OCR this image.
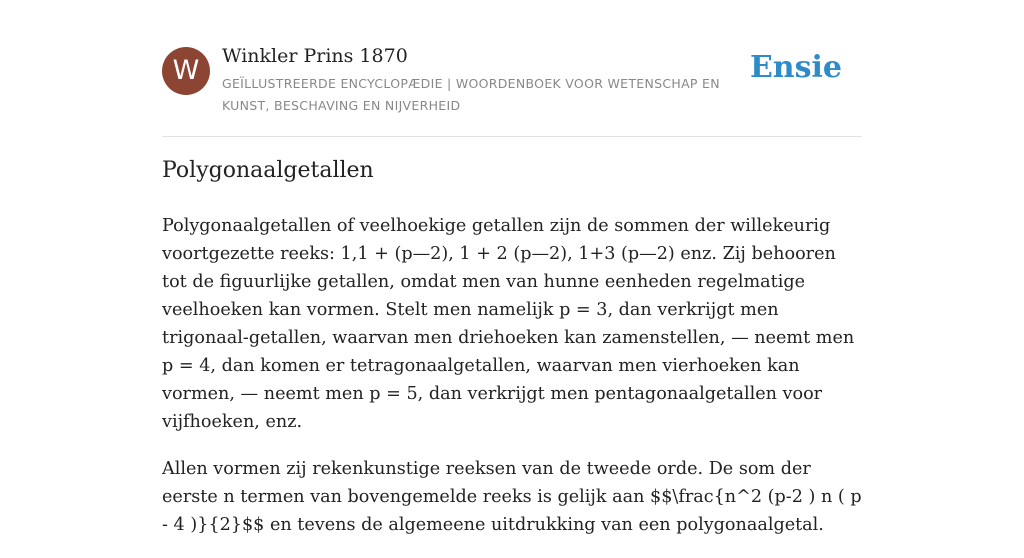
W	Winkler Prins 1870
GEÏLLUSTREERDE ENCYCLOPÆDIE | WOORDENBOEK VOOR WETENSCHAP EN KUNST, BESCHAVING EN NIJVERHEID
Ensie
Polygonaalgetallen

Polygonaalgetallen of veelhoekige getallen zijn de sommen der willekeurig voortgezette reeks: 1,1 + (p—2), 1 + 2 (p—2), 1+3 (p—2) enz. Zij behooren tot de figuurlijke getallen, omdat men van hunne eenheden regelmatige veelhoeken kan vormen. Stelt men namelijk p = 3, dan verkrijgt men trigonaal-getallen, waarvan men driehoeken kan zamenstellen, — neemt men p = 4, dan komen er tetragonaalgetallen, waarvan men vierhoeken kan vormen, — neemt men p = 5, dan verkrijgt men pentagonaalgetallen voor vijfhoeken, enz.

Allen vormen zij rekenkunstige reeksen van de tweede orde. De som der eerste n termen van bovengemelde reeks is gelijk aan $$\frac{n^2 (p-2 ) n ( p - 4 )}{2}$$ en tevens de algemeene uitdrukking van een polygonaalgetal.
